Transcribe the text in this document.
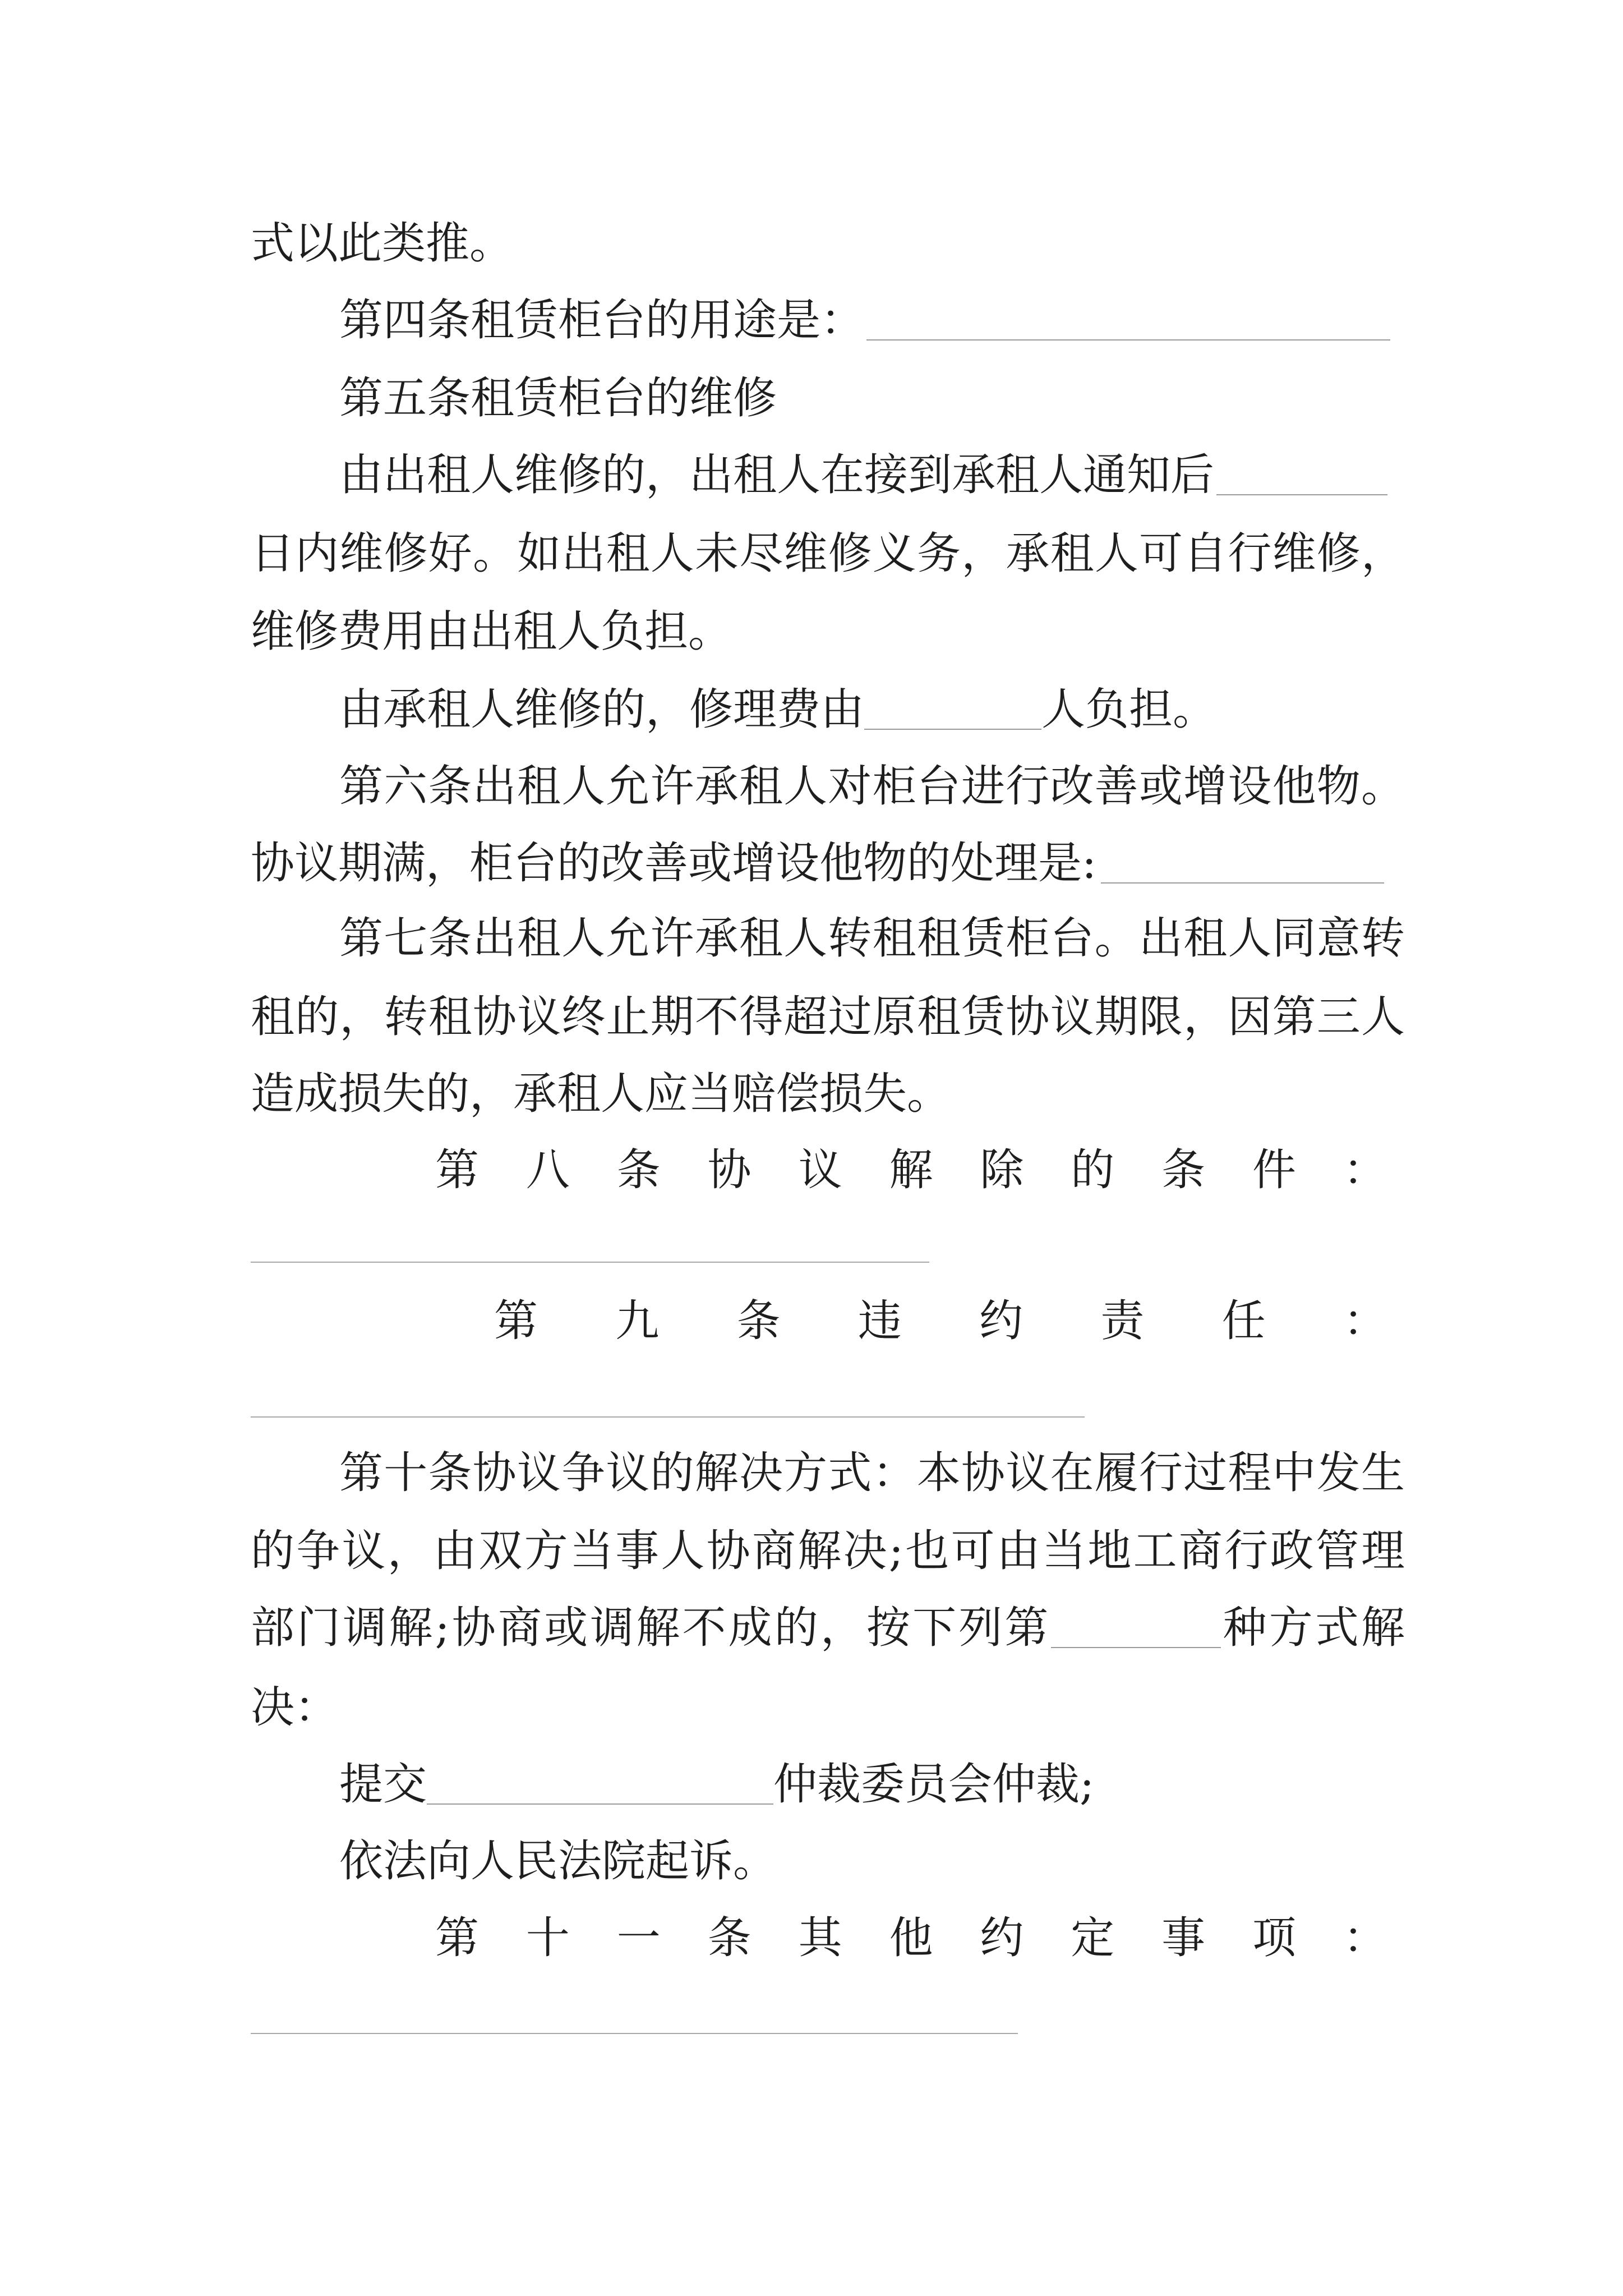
式以此类推。
第四条租赁柜台的用途是：
第五条租赁柜台的维修
由出租人维修的，出租人在接到承租人通知后
日内维修好。如出租人未尽维修义务，承租人可自行维修，
维修费用由出租人负担。
由承租人维修的，修理费由	人负担。
第六条出租人允许承租人对柜台进行改善或增设他物。
协议期满，柜台的改善或增设他物的处理是:
第七条出租人允许承租人转租租赁柜台。出租人同意转
租的，转租协议终止期不得超过原租赁协议期限，因第三人
造成损失的，承租人应当赔偿损失。
第 八 条 协 议 解 除 的 条 件 ：
第 九 条 违 约 责 任 ：
第十条协议争议的解决方式：本协议在履行过程中发生
的争议，由双方当事人协商解决;也可由当地工商行政管理
部门调解;协商或调解不成的，按下列第	种方式解
决：
提交	仲裁委员会仲裁;
依法向人民法院起诉。
第 十 一 条 其 他 约 定 事 项 ：
